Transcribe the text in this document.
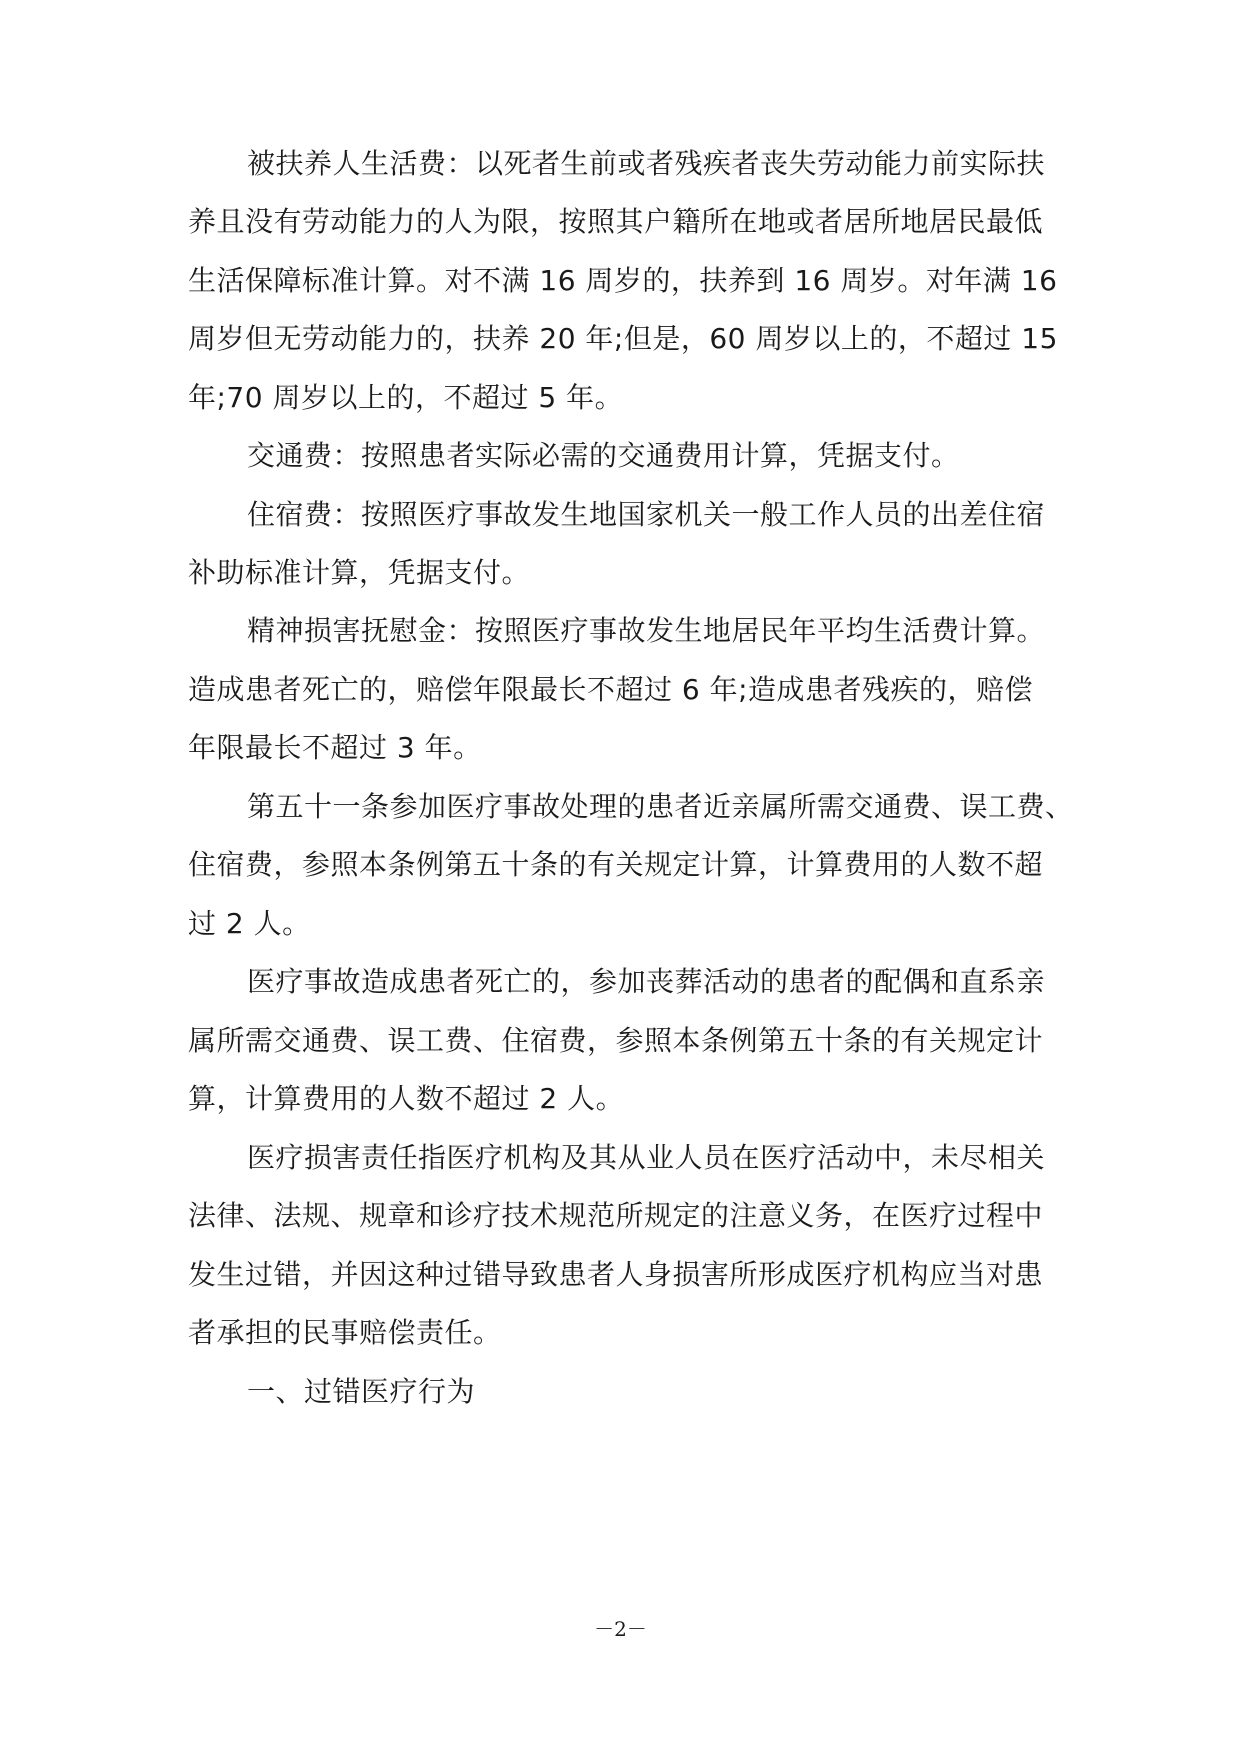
被扶养人生活费：以死者生前或者残疾者丧失劳动能力前实际扶
养且没有劳动能力的人为限，按照其户籍所在地或者居所地居民最低
生活保障标准计算。对不满 16 周岁的，扶养到 16 周岁。对年满 16
周岁但无劳动能力的，扶养 20 年;但是，60 周岁以上的，不超过 15
年;70 周岁以上的，不超过 5 年。
交通费：按照患者实际必需的交通费用计算，凭据支付。
住宿费：按照医疗事故发生地国家机关一般工作人员的出差住宿
补助标准计算，凭据支付。
精神损害抚慰金：按照医疗事故发生地居民年平均生活费计算。
造成患者死亡的，赔偿年限最长不超过 6 年;造成患者残疾的，赔偿
年限最长不超过 3 年。
第五十一条参加医疗事故处理的患者近亲属所需交通费、误工费、
住宿费，参照本条例第五十条的有关规定计算，计算费用的人数不超
过 2 人。
医疗事故造成患者死亡的，参加丧葬活动的患者的配偶和直系亲
属所需交通费、误工费、住宿费，参照本条例第五十条的有关规定计
算，计算费用的人数不超过 2 人。
医疗损害责任指医疗机构及其从业人员在医疗活动中，未尽相关
法律、法规、规章和诊疗技术规范所规定的注意义务，在医疗过程中
发生过错，并因这种过错导致患者人身损害所形成医疗机构应当对患
者承担的民事赔偿责任。
一、过错医疗行为
－2－
